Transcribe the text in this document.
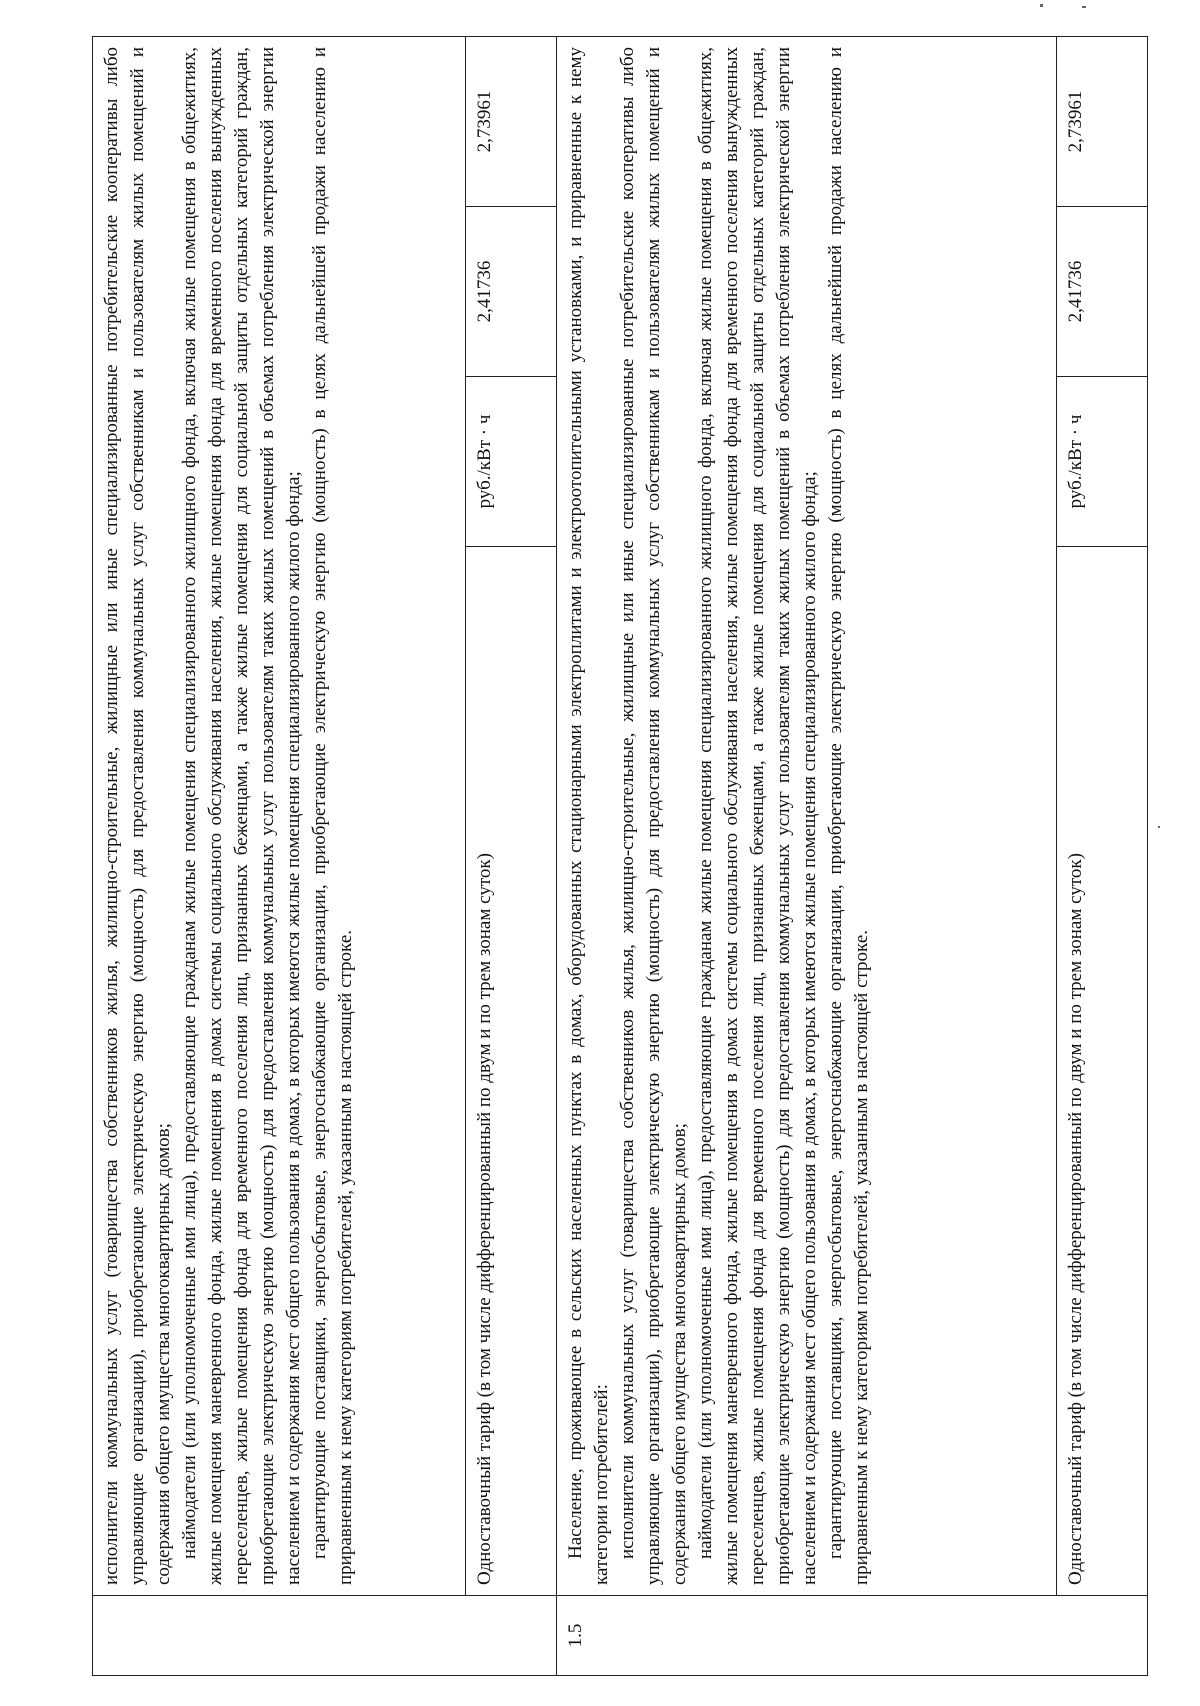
	исполнители коммунальных услуг (товарищества собственников жилья, жилищно-строительные, жилищные или иные специализированные потребительские кооперативы либо управляющие организации), приобретающие электрическую энергию (мощность) для предоставления коммунальных услуг собственникам и пользователям жилых помещений и содержания общего имущества многоквартирных домов; наймодатели (или уполномоченные ими лица), предоставляющие гражданам жилые помещения специализированного жилищного фонда, включая жилые помещения в общежитиях, жилые помещения маневренного фонда, жилые помещения в домах системы социального обслуживания населения, жилые помещения фонда для временного поселения вынужденных переселенцев, жилые помещения фонда для временного поселения лиц, признанных беженцами, а также жилые помещения для социальной защиты отдельных категорий граждан, приобретающие электрическую энергию (мощность) для предоставления коммунальных услуг пользователям таких жилых помещений в объемах потребления электрической энергии населением и содержания мест общего пользования в домах, в которых имеются жилые помещения специализированного жилого фонда; гарантирующие поставщики, энергосбытовые, энергоснабжающие организации, приобретающие электрическую энергию (мощность) в целях дальнейшей продажи населению и приравненным к нему категориям потребителей, указанным в настоящей строке.			

	Одноставочный тариф (в том числе дифференцированный по двум и по трем зонам суток)	руб./кВт · ч	2,41736	2,73961
1.5	Население, проживающее в сельских населенных пунктах в домах, оборудованных стационарными электроплитами и электроотопительными установками, и приравненные к нему категории потребителей: исполнители коммунальных услуг (товарищества собственников жилья, жилищно-строительные, жилищные или иные специализированные потребительские кооперативы либо управляющие организации), приобретающие электрическую энергию (мощность) для предоставления коммунальных услуг собственникам и пользователям жилых помещений и содержания общего имущества многоквартирных домов; наймодатели (или уполномоченные ими лица), предоставляющие гражданам жилые помещения специализированного жилищного фонда, включая жилые помещения в общежитиях, жилые помещения маневренного фонда, жилые помещения в домах системы социального обслуживания населения, жилые помещения фонда для временного поселения вынужденных переселенцев, жилые помещения фонда для временного поселения лиц, признанных беженцами, а также жилые помещения для социальной защиты отдельных категорий граждан, приобретающие электрическую энергию (мощность) для предоставления коммунальных услуг пользователям таких жилых помещений в объемах потребления электрической энергии населением и содержания мест общего пользования в домах, в которых имеются жилые помещения специализированного жилого фонда; гарантирующие поставщики, энергосбытовые, энергоснабжающие организации, приобретающие электрическую энергию (мощность) в целях дальнейшей продажи населению и приравненным к нему категориям потребителей, указанным в настоящей строке.			

	Одноставочный тариф (в том числе дифференцированный по двум и по трем зонам суток)	руб./кВт · ч	2,41736	2,73961
